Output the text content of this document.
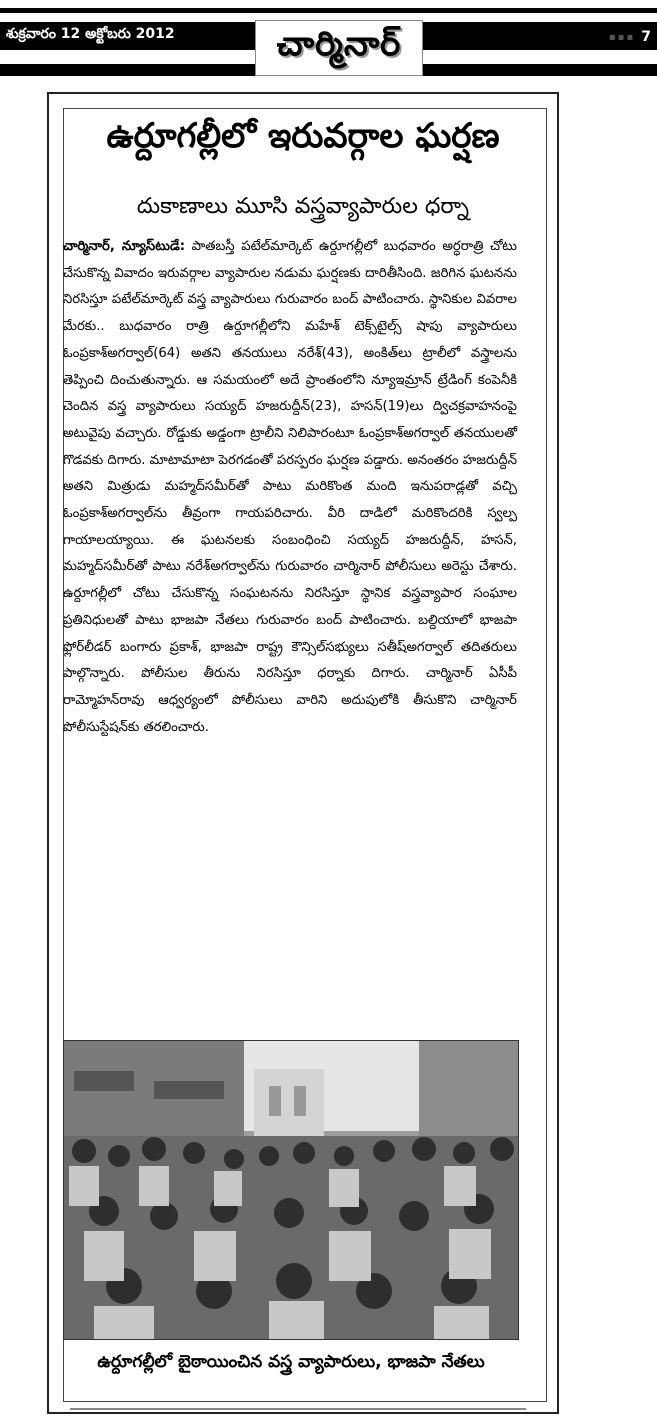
శుక్రవారం 12 అక్టోబరు 2012	చార్మినార్	▪▪▪ 7
ఉర్దూగల్లీలో ఇరువర్గాల ఘర్షణ
దుకాణాలు మూసి వస్త్రవ్యాపారుల ధర్నా
చార్మినార్, న్యూస్‌టుడే: పాతబస్తీ పటేల్‌మార్కెట్ ఉర్దూగల్లీలో బుధవారం అర్ధరాత్రి చోటు చేసుకొన్న వివాదం ఇరువర్గాల వ్యాపారుల నడుమ ఘర్షణకు దారితీసింది. జరిగిన ఘటనను నిరసిస్తూ పటేల్‌మార్కెట్ వస్త్ర వ్యాపారులు గురువారం బంద్ పాటించారు. స్థానికుల వివరాల మేరకు.. బుధవారం రాత్రి ఉర్దూగల్లీలోని మహేశ్ టెక్స్‌టైల్స్ షాపు వ్యాపారులు ఓంప్రకాశ్‌అగర్వాల్(64) అతని తనయులు నరేశ్(43), అంకిత్‌లు ట్రాలీలో వస్త్రాలను తెప్పించి దించుతున్నారు. ఆ సమయంలో అదే ప్రాంతంలోని న్యూఇమ్రాన్ ట్రేడింగ్ కంపెనీకి చెందిన వస్త్ర వ్యాపారులు సయ్యద్ హజరుద్దీన్(23), హసన్(19)లు ద్విచక్రవాహనంపై అటువైపు వచ్చారు. రోడ్డుకు అడ్డంగా ట్రాలీని నిలిపారంటూ ఓంప్రకాశ్‌అగర్వాల్ తనయులతో గొడవకు దిగారు. మాటామాటా పెరగడంతో పరస్పరం ఘర్షణ పడ్డారు. అనంతరం హజరుద్దీన్ అతని మిత్రుడు మహ్మద్‌సమీర్‌తో పాటు మరికొంత మంది ఇనుపరాడ్లతో వచ్చి ఓంప్రకాశ్‌అగర్వాల్‌ను తీవ్రంగా గాయపరిచారు. వీరి దాడిలో మరికొందరికి స్వల్ప గాయాలయ్యాయి. ఈ ఘటనలకు సంబంధించి సయ్యద్ హజరుద్దీన్, హసన్, మహ్మద్‌సమీర్‌తో పాటు నరేశ్‌అగర్వాల్‌ను గురువారం చార్మినార్ పోలీసులు అరెస్టు చేశారు. ఉర్దూగల్లీలో చోటు చేసుకొన్న సంఘటనను నిరసిస్తూ స్థానిక వస్త్రవ్యాపార సంఘాల ప్రతినిధులతో పాటు భాజపా నేతలు గురువారం బంద్ పాటించారు. బల్దియాలో భాజపా ఫ్లోర్‌లీడర్ బంగారు ప్రకాశ్, భాజపా రాష్ట్ర కౌన్సిల్‌సభ్యులు సతీష్‌అగర్వాల్ తదితరులు పాల్గొన్నారు. పోలీసుల తీరును నిరసిస్తూ ధర్నాకు దిగారు. చార్మినార్ ఏసీపీ రామ్మోహన్‌రావు ఆధ్వర్యంలో పోలీసులు వారిని అదుపులోకి తీసుకొని చార్మినార్ పోలీసుస్టేషన్‌కు తరలించారు.
ఉర్దూగల్లీలో బైఠాయించిన వస్త్ర వ్యాపారులు, భాజపా నేతలు
